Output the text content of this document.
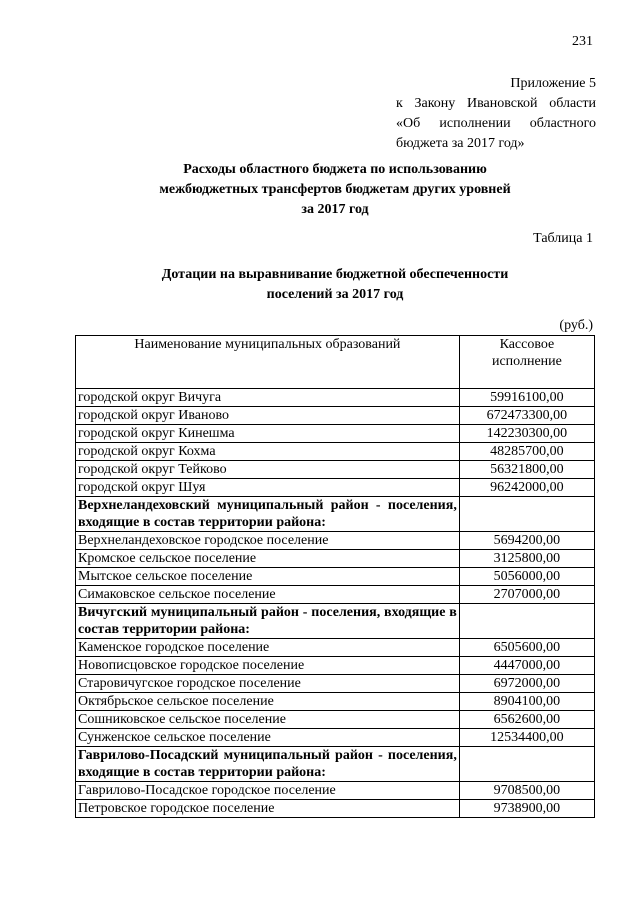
231
Приложение 5
к Закону Ивановской области
«Об исполнении областного
бюджета за 2017 год»
Расходы областного бюджета по использованию
межбюджетных трансфертов бюджетам других уровней
за 2017 год
Таблица 1
Дотации на выравнивание бюджетной обеспеченности
поселений за 2017 год
(руб.)
Наименование муниципальных образований	Кассовое
исполнение

городской округ Вичуга	59916100,00
городской округ Иваново	672473300,00
городской округ Кинешма	142230300,00
городской округ Кохма	48285700,00
городской округ Тейково	56321800,00
городской округ Шуя	96242000,00
Верхнеландеховский муниципальный район - поселения, входящие в состав территории района:	
Верхнеландеховское городское поселение	5694200,00
Кромское сельское поселение	3125800,00
Мытское сельское поселение	5056000,00
Симаковское сельское поселение	2707000,00
Вичугский муниципальный район - поселения, входящие в состав территории района:	
Каменское городское поселение	6505600,00
Новописцовское городское поселение	4447000,00
Старовичугское городское поселение	6972000,00
Октябрьское сельское поселение	8904100,00
Сошниковское сельское поселение	6562600,00
Сунженское сельское поселение	12534400,00
Гаврилово-Посадский муниципальный район - поселения, входящие в состав территории района:	
Гаврилово-Посадское городское поселение	9708500,00
Петровское городское поселение	9738900,00
